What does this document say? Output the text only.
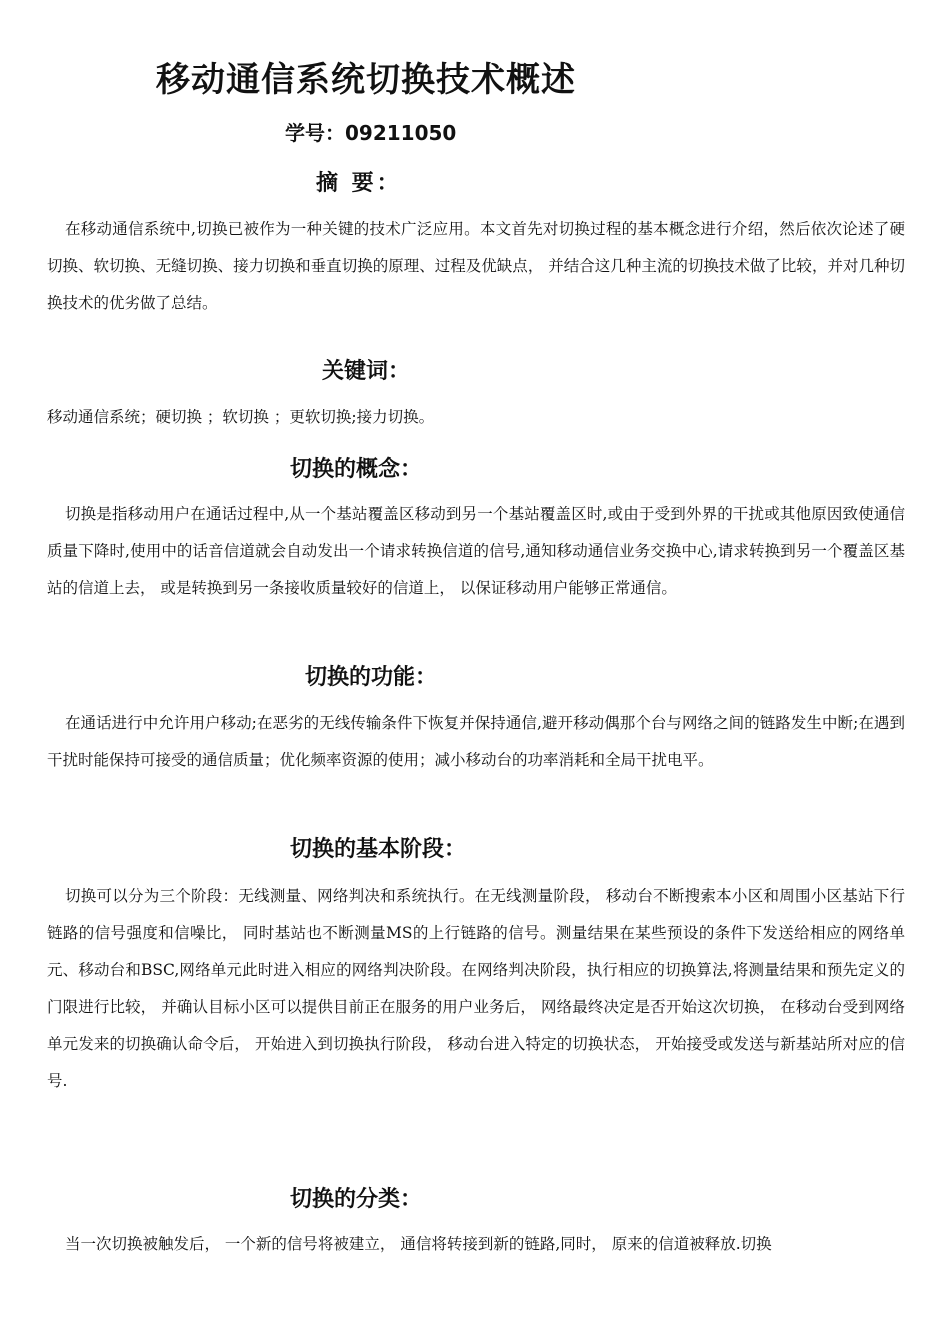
移动通信系统切换技术概述
学号：09211050
摘 要：
在移动通信系统中,切换已被作为一种关键的技术广泛应用。本文首先对切换过程的基本概念进行介绍，然后依次论述了硬切换、软切换、无缝切换、接力切换和垂直切换的原理、过程及优缺点， 并结合这几种主流的切换技术做了比较，并对几种切换技术的优劣做了总结。
关键词：
移动通信系统；硬切换 ；软切换 ；更软切换;接力切换。
切换的概念：
切换是指移动用户在通话过程中,从一个基站覆盖区移动到另一个基站覆盖区时,或由于受到外界的干扰或其他原因致使通信质量下降时,使用中的话音信道就会自动发出一个请求转换信道的信号,通知移动通信业务交换中心,请求转换到另一个覆盖区基站的信道上去， 或是转换到另一条接收质量较好的信道上， 以保证移动用户能够正常通信。
切换的功能：
在通话进行中允许用户移动;在恶劣的无线传输条件下恢复并保持通信,避开移动偶那个台与网络之间的链路发生中断;在遇到干扰时能保持可接受的通信质量；优化频率资源的使用；减小移动台的功率消耗和全局干扰电平。
切换的基本阶段：
切换可以分为三个阶段：无线测量、网络判决和系统执行。在无线测量阶段， 移动台不断搜索本小区和周围小区基站下行链路的信号强度和信噪比， 同时基站也不断测量MS的上行链路的信号。测量结果在某些预设的条件下发送给相应的网络单元、移动台和BSC,网络单元此时进入相应的网络判决阶段。在网络判决阶段，执行相应的切换算法,将测量结果和预先定义的门限进行比较， 并确认目标小区可以提供目前正在服务的用户业务后， 网络最终决定是否开始这次切换， 在移动台受到网络单元发来的切换确认命令后， 开始进入到切换执行阶段， 移动台进入特定的切换状态， 开始接受或发送与新基站所对应的信号.
切换的分类：
当一次切换被触发后， 一个新的信号将被建立， 通信将转接到新的链路,同时， 原来的信道被释放.切换
